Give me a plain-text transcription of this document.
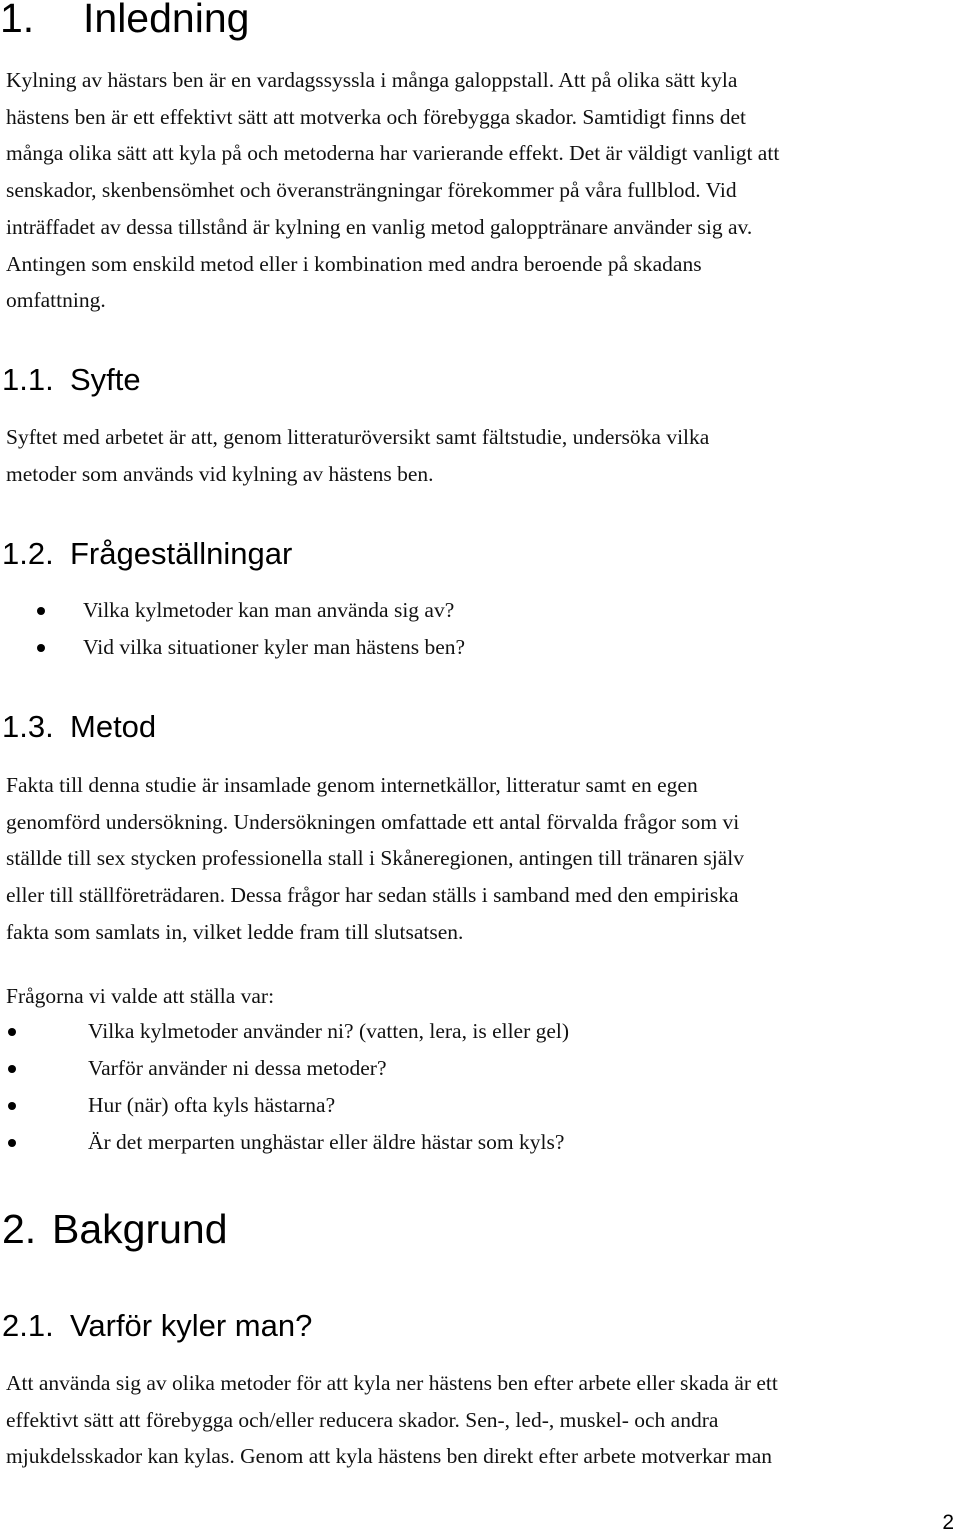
1. Inledning
Kylning av hästars ben är en vardagssyssla i många galoppstall. Att på olika sätt kyla
hästens ben är ett effektivt sätt att motverka och förebygga skador. Samtidigt finns det
många olika sätt att kyla på och metoderna har varierande effekt. Det är väldigt vanligt att
senskador, skenbensömhet och överansträngningar förekommer på våra fullblod. Vid
inträffadet av dessa tillstånd är kylning en vanlig metod galopptränare använder sig av.
Antingen som enskild metod eller i kombination med andra beroende på skadans
omfattning.
1.1. Syfte
Syftet med arbetet är att, genom litteraturöversikt samt fältstudie, undersöka vilka
metoder som används vid kylning av hästens ben.
1.2. Frågeställningar
Vilka kylmetoder kan man använda sig av?
Vid vilka situationer kyler man hästens ben?
1.3. Metod
Fakta till denna studie är insamlade genom internetkällor, litteratur samt en egen
genomförd undersökning. Undersökningen omfattade ett antal förvalda frågor som vi
ställde till sex stycken professionella stall i Skåneregionen, antingen till tränaren själv
eller till ställföreträdaren. Dessa frågor har sedan ställs i samband med den empiriska
fakta som samlats in, vilket ledde fram till slutsatsen.
Frågorna vi valde att ställa var:
Vilka kylmetoder använder ni? (vatten, lera, is eller gel)
Varför använder ni dessa metoder?
Hur (när) ofta kyls hästarna?
Är det merparten unghästar eller äldre hästar som kyls?
2. Bakgrund
2.1. Varför kyler man?
Att använda sig av olika metoder för att kyla ner hästens ben efter arbete eller skada är ett
effektivt sätt att förebygga och/eller reducera skador. Sen-, led-, muskel- och andra
mjukdelsskador kan kylas. Genom att kyla hästens ben direkt efter arbete motverkar man
2
